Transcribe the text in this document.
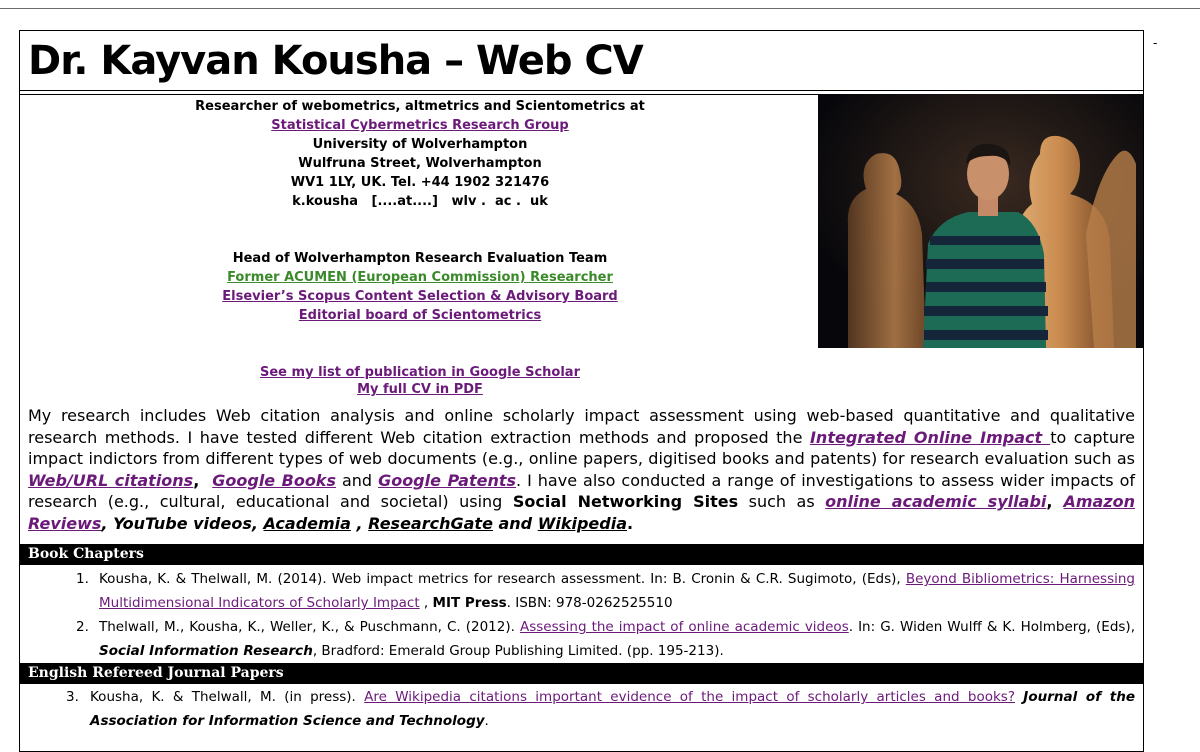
-
Dr. Kayvan Kousha – Web CV
Researcher of webometrics, altmetrics and Scientometrics at
Statistical Cybermetrics Research Group
University of Wolverhampton
Wulfruna Street, Wolverhampton
WV1 1LY, UK. Tel. +44 1902 321476
k.kousha   [....at....]   wlv .  ac .  uk
Head of Wolverhampton Research Evaluation Team
Former ACUMEN (European Commission) Researcher
Elsevier’s Scopus Content Selection & Advisory Board
Editorial board of Scientometrics
See my list of publication in Google Scholar
My full CV in PDF
My research includes Web citation analysis and online scholarly impact assessment using web-based quantitative and qualitative research methods. I have tested different Web citation extraction methods and proposed the Integrated Online Impact to capture impact indictors from different types of web documents (e.g., online papers, digitised books and patents) for research evaluation such as Web/URL citations,  Google Books and Google Patents. I have also conducted a range of investigations to assess wider impacts of research (e.g., cultural, educational and societal) using Social Networking Sites such as online academic syllabi, Amazon Reviews, YouTube videos, Academia , ResearchGate and Wikipedia.
Book Chapters
1. Kousha, K. & Thelwall, M. (2014). Web impact metrics for research assessment. In: B. Cronin & C.R. Sugimoto, (Eds), Beyond Bibliometrics: Harnessing Multidimensional Indicators of Scholarly Impact , MIT Press. ISBN: 978-0262525510
2. Thelwall, M., Kousha, K., Weller, K., & Puschmann, C. (2012). Assessing the impact of online academic videos. In: G. Widen Wulff & K. Holmberg, (Eds), Social Information Research, Bradford: Emerald Group Publishing Limited. (pp. 195-213).
English Refereed Journal Papers
3. Kousha, K. & Thelwall, M. (in press). Are Wikipedia citations important evidence of the impact of scholarly articles and books? Journal of the Association for Information Science and Technology.
